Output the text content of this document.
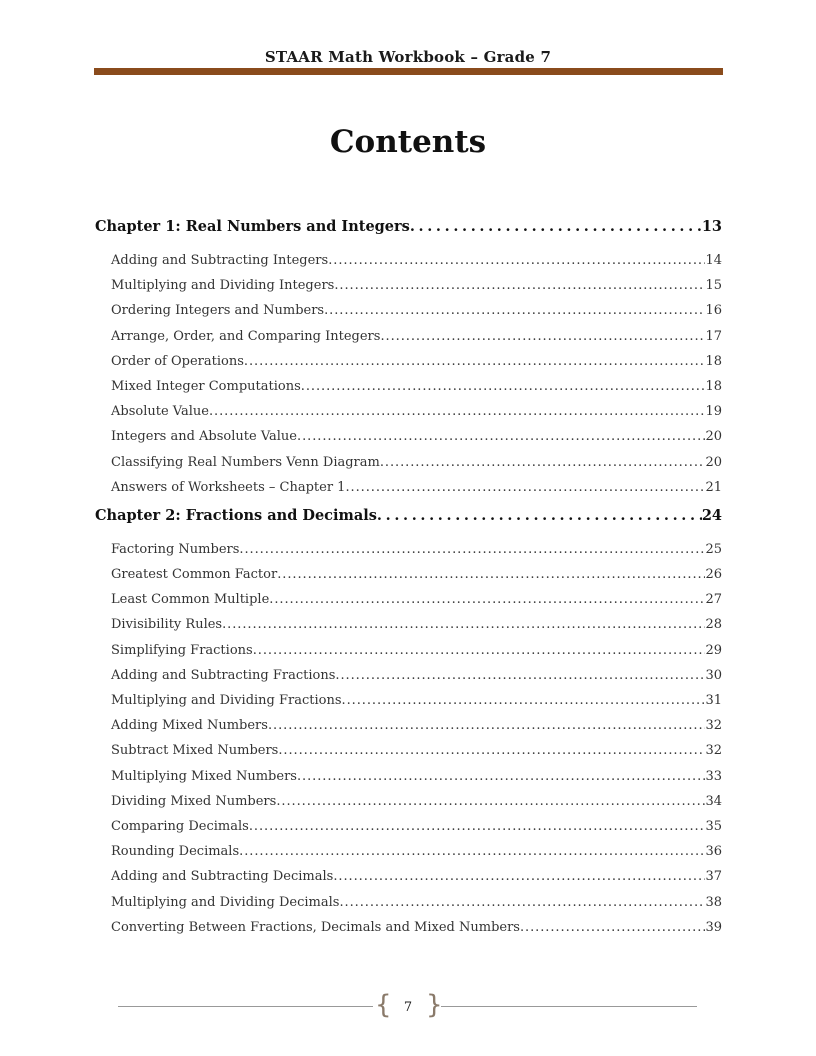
STAAR Math Workbook – Grade 7
Contents
Chapter 1: Real Numbers and Integers . . .	13
Adding and Subtracting Integers . . .	14
Multiplying and Dividing Integers . . .	15
Ordering Integers and Numbers . . .	16
Arrange, Order, and Comparing Integers . . .	17
Order of Operations . . .	18
Mixed Integer Computations . . .	18
Absolute Value . . .	19
Integers and Absolute Value . . .	20
Classifying Real Numbers Venn Diagram . . .	20
Answers of Worksheets – Chapter 1 . . .	21
Chapter 2: Fractions and Decimals . . .	24
Factoring Numbers . . .	25
Greatest Common Factor . . .	26
Least Common Multiple . . .	27
Divisibility Rules . . .	28
Simplifying Fractions . . .	29
Adding and Subtracting Fractions . . .	30
Multiplying and Dividing Fractions . . .	31
Adding Mixed Numbers . . .	32
Subtract Mixed Numbers . . .	32
Multiplying Mixed Numbers . . .	33
Dividing Mixed Numbers . . .	34
Comparing Decimals . . .	35
Rounding Decimals . . .	36
Adding and Subtracting Decimals . . .	37
Multiplying and Dividing Decimals . . .	38
Converting Between Fractions, Decimals and Mixed Numbers . . .	39
{ }
7
